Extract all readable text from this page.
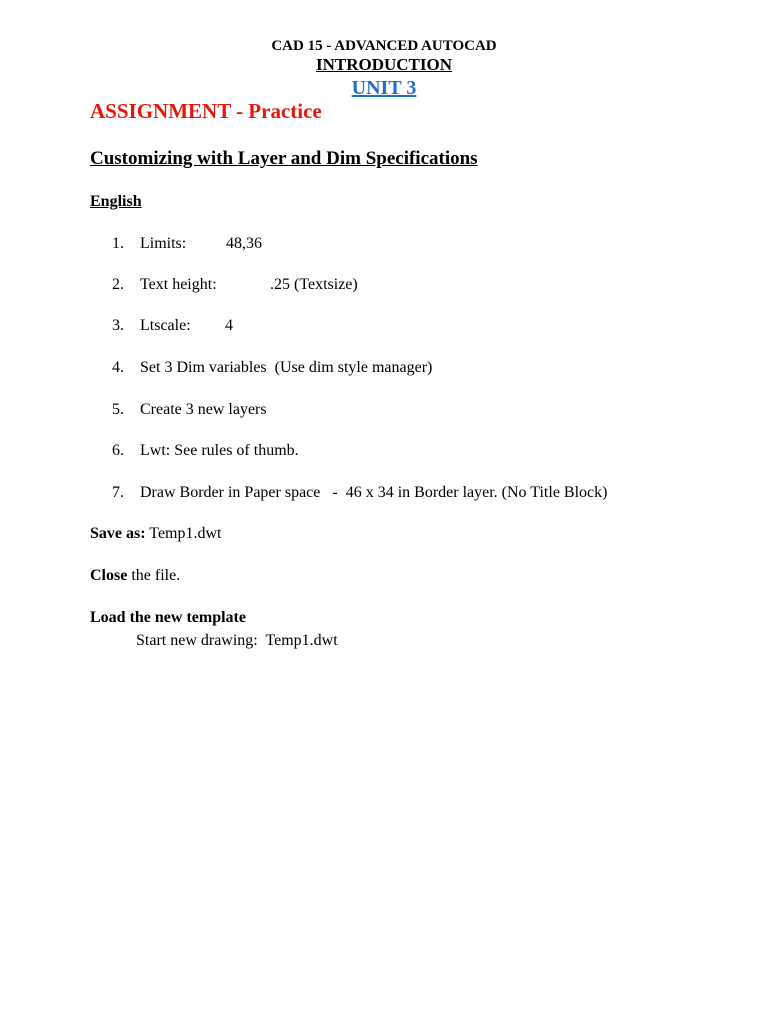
CAD 15 - ADVANCED AUTOCAD
INTRODUCTION
UNIT 3
ASSIGNMENT - Practice
Customizing with Layer and Dim Specifications
English
1. Limits: 48,36
2. Text height:	.25 (Textsize)
3. Ltscale: 4
4. Set 3 Dim variables  (Use dim style manager)
5. Create 3 new layers
6. Lwt: See rules of thumb.
7. Draw Border in Paper space   -  46 x 34 in Border layer. (No Title Block)
Save as: Temp1.dwt
Close the file.
Load the new template
Start new drawing:  Temp1.dwt
